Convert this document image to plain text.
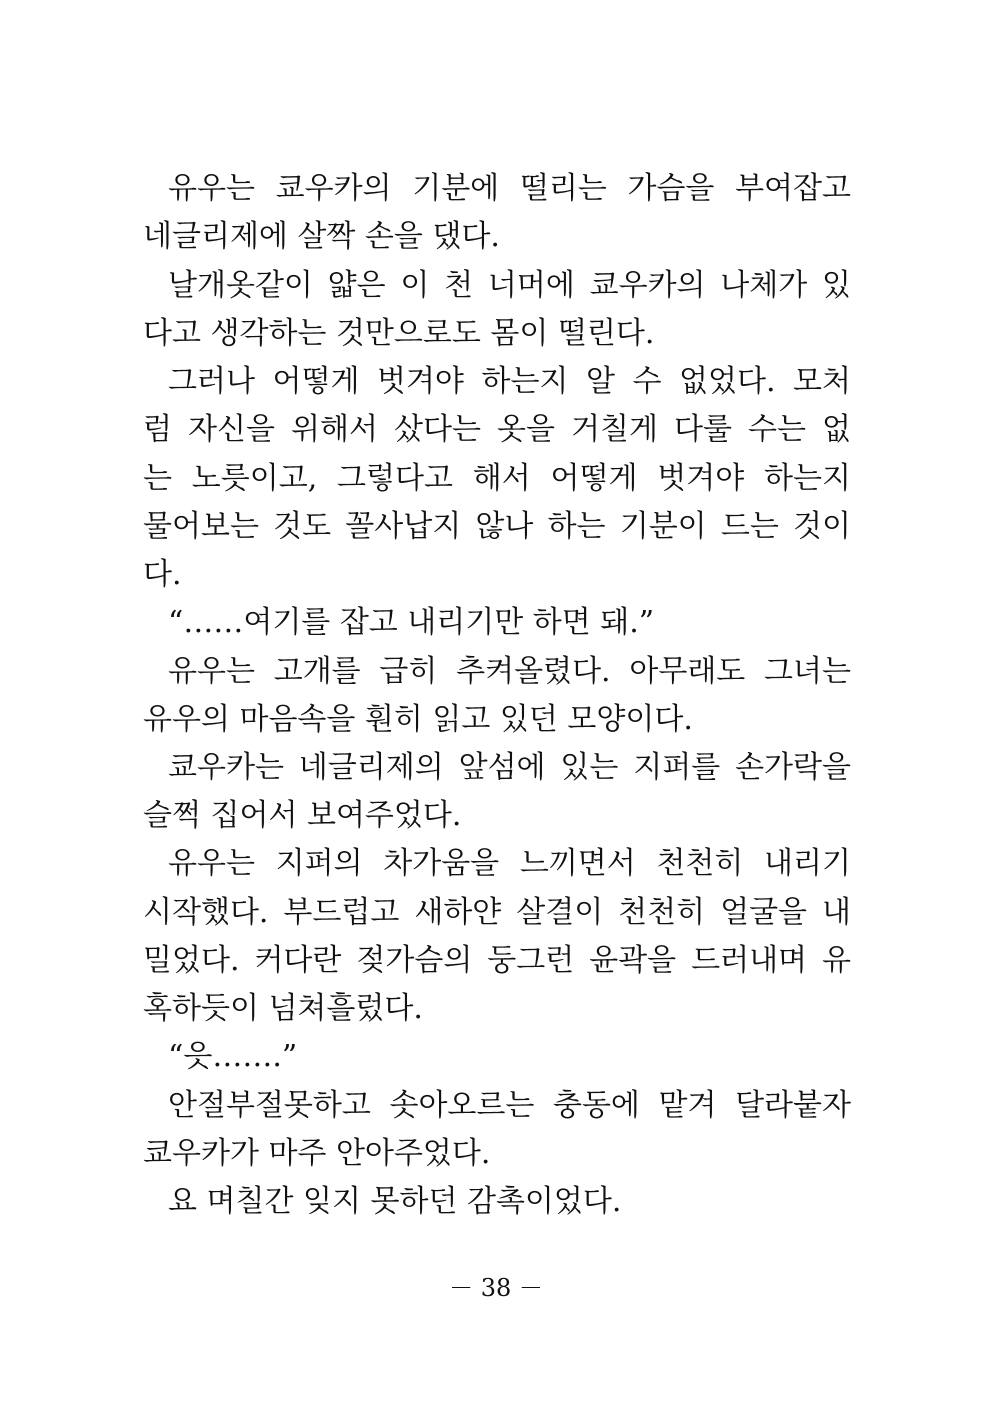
유우는 쿄우카의 기분에 떨리는 가슴을 부여잡고
네글리제에 살짝 손을 댔다.
날개옷같이 얇은 이 천 너머에 쿄우카의 나체가 있
다고 생각하는 것만으로도 몸이 떨린다.
그러나 어떻게 벗겨야 하는지 알 수 없었다. 모처
럼 자신을 위해서 샀다는 옷을 거칠게 다룰 수는 없
는 노릇이고, 그렇다고 해서 어떻게 벗겨야 하는지
물어보는 것도 꼴사납지 않나 하는 기분이 드는 것이
다.
“……여기를 잡고 내리기만 하면 돼.”
유우는 고개를 급히 추켜올렸다. 아무래도 그녀는
유우의 마음속을 훤히 읽고 있던 모양이다.
쿄우카는 네글리제의 앞섬에 있는 지퍼를 손가락을
슬쩍 집어서 보여주었다.
유우는 지퍼의 차가움을 느끼면서 천천히 내리기
시작했다. 부드럽고 새하얀 살결이 천천히 얼굴을 내
밀었다. 커다란 젖가슴의 둥그런 윤곽을 드러내며 유
혹하듯이 넘쳐흘렀다.
“읏…….”
안절부절못하고 솟아오르는 충동에 맡겨 달라붙자
쿄우카가 마주 안아주었다.
요 며칠간 잊지 못하던 감촉이었다.
－ 38 －
